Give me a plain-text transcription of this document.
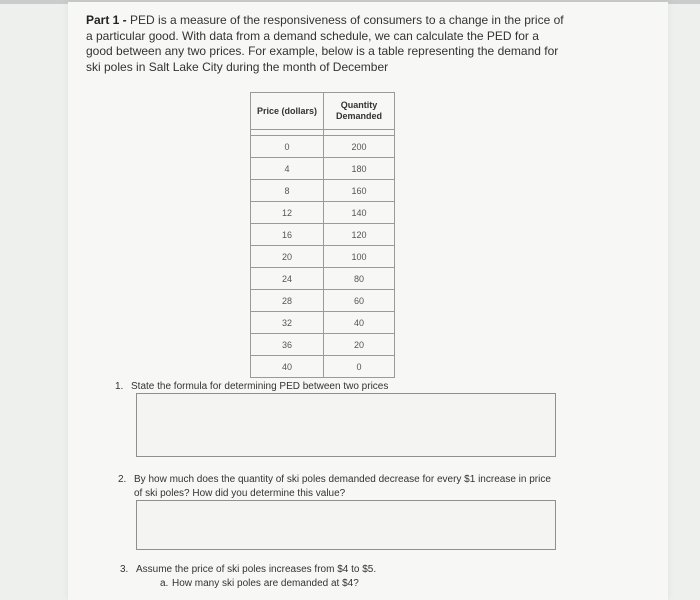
Part 1 - PED is a measure of the responsiveness of consumers to a change in the price of a particular good. With data from a demand schedule, we can calculate the PED for a good between any two prices. For example, below is a table representing the demand for ski poles in Salt Lake City during the month of December
Price (dollars)	Quantity Demanded

0	200
4	180
8	160
12	140
16	120
20	100
24	80
28	60
32	40
36	20
40	0
1. State the formula for determining PED between two prices
2. By how much does the quantity of ski poles demanded decrease for every $1 increase in price of ski poles? How did you determine this value?
3. Assume the price of ski poles increases from $4 to $5.
a. How many ski poles are demanded at $4?
